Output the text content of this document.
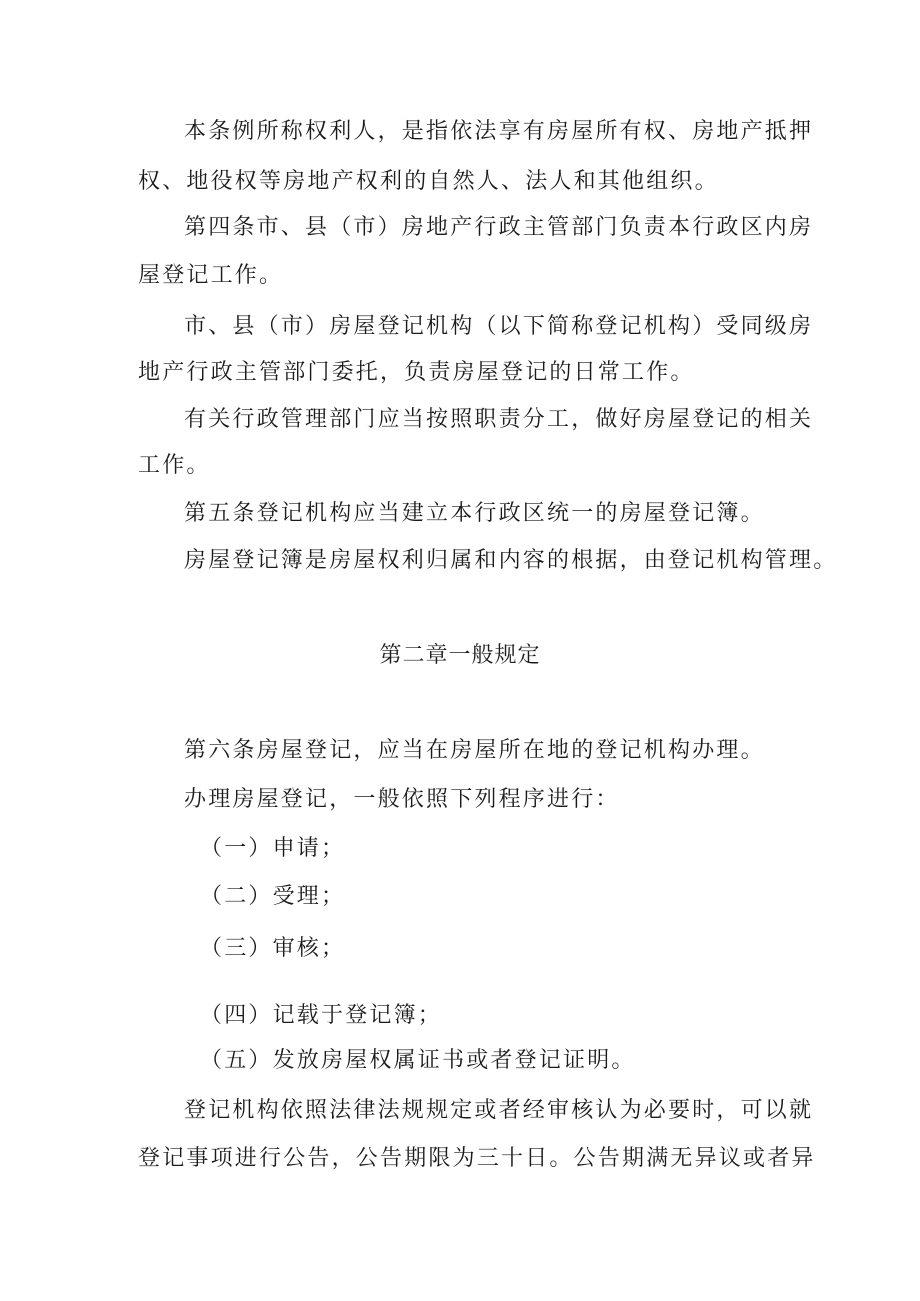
本条例所称权利人，是指依法享有房屋所有权、房地产抵押
权、地役权等房地产权利的自然人、法人和其他组织。
第四条市、县（市）房地产行政主管部门负责本行政区内房
屋登记工作。
市、县（市）房屋登记机构（以下简称登记机构）受同级房
地产行政主管部门委托，负责房屋登记的日常工作。
有关行政管理部门应当按照职责分工，做好房屋登记的相关
工作。
第五条登记机构应当建立本行政区统一的房屋登记簿。
房屋登记簿是房屋权利归属和内容的根据，由登记机构管理。
第二章一般规定
第六条房屋登记，应当在房屋所在地的登记机构办理。
办理房屋登记，一般依照下列程序进行：
（一）申请；
（二）受理；
（三）审核；
（四）记载于登记簿；
（五）发放房屋权属证书或者登记证明。
登记机构依照法律法规规定或者经审核认为必要时，可以就
登记事项进行公告，公告期限为三十日。公告期满无异议或者异
